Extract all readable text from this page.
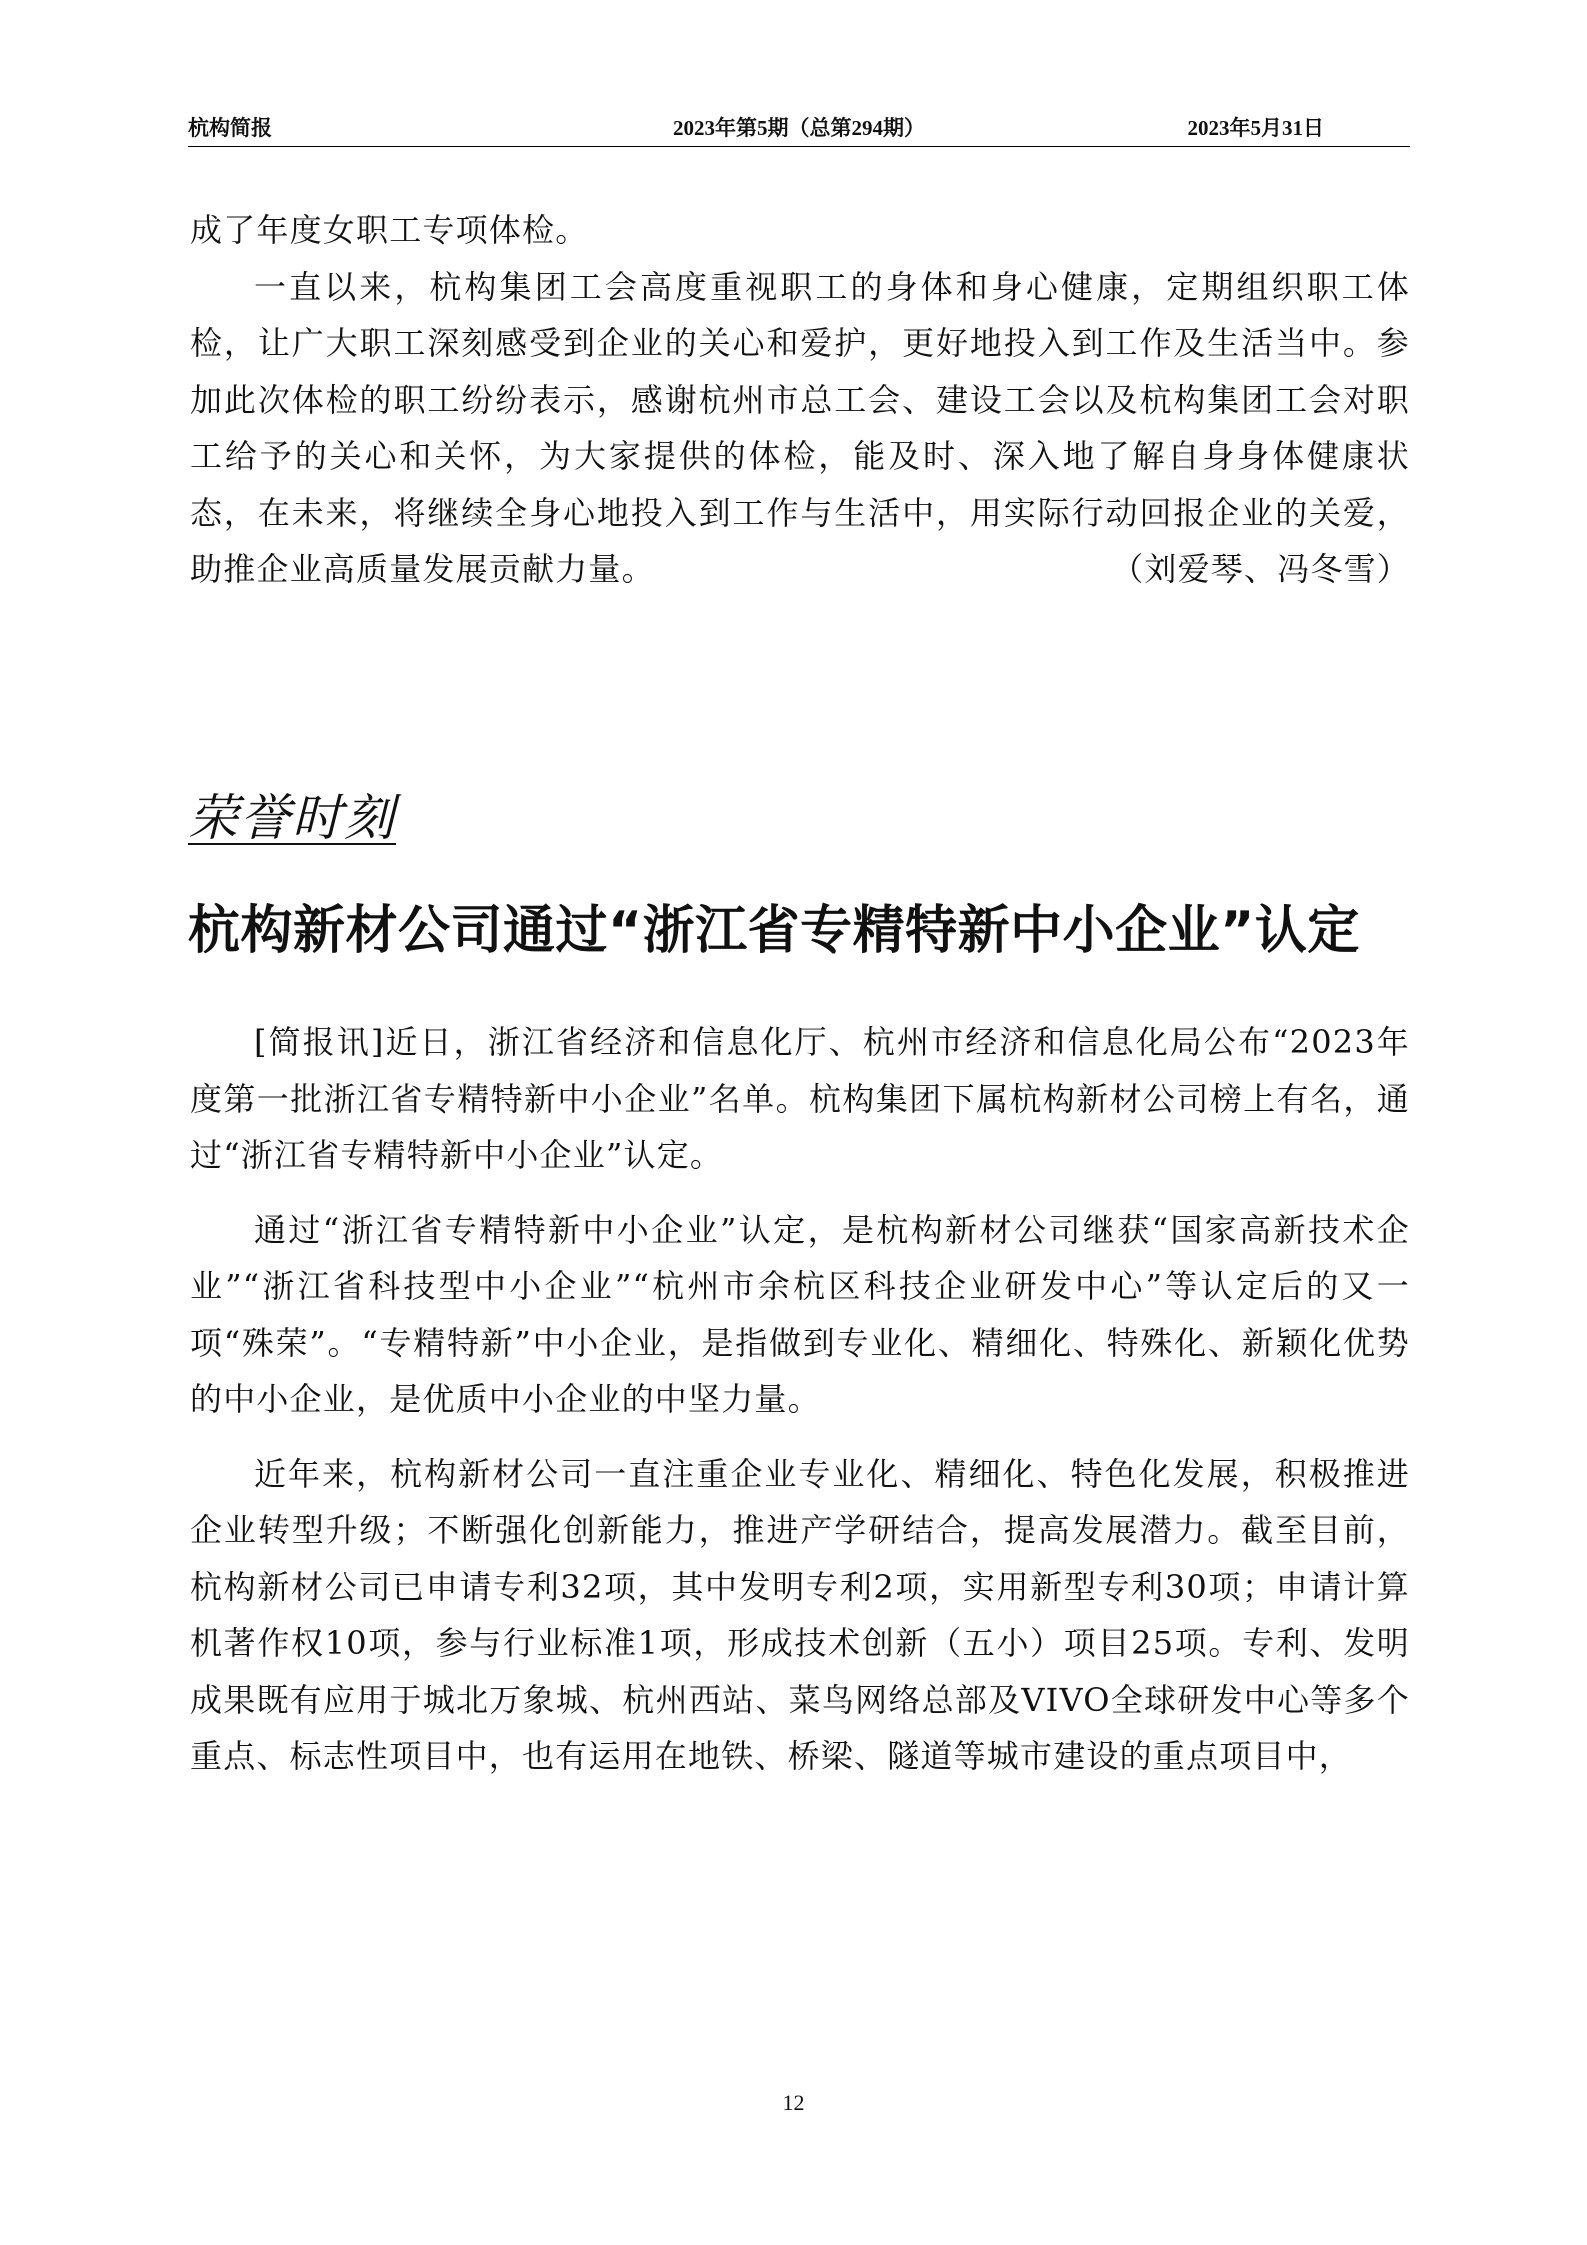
杭构简报	2023年第5期（总第294期）	2023年5月31日

成了年度女职工专项体检。

一直以来，杭构集团工会高度重视职工的身体和身心健康，定期组织职工体检，让广大职工深刻感受到企业的关心和爱护，更好地投入到工作及生活当中。参加此次体检的职工纷纷表示，感谢杭州市总工会、建设工会以及杭构集团工会对职工给予的关心和关怀，为大家提供的体检，能及时、深入地了解自身身体健康状态，在未来，将继续全身心地投入到工作与生活中，用实际行动回报企业的关爱，助推企业高质量发展贡献力量。	（刘爱琴、冯冬雪）

荣誉时刻
杭构新材公司通过“浙江省专精特新中小企业”认定

[简报讯]近日，浙江省经济和信息化厅、杭州市经济和信息化局公布“2023年度第一批浙江省专精特新中小企业”名单。杭构集团下属杭构新材公司榜上有名，通过“浙江省专精特新中小企业”认定。

通过“浙江省专精特新中小企业”认定，是杭构新材公司继获“国家高新技术企业”“浙江省科技型中小企业”“杭州市余杭区科技企业研发中心”等认定后的又一项“殊荣”。“专精特新”中小企业，是指做到专业化、精细化、特殊化、新颖化优势的中小企业，是优质中小企业的中坚力量。

近年来，杭构新材公司一直注重企业专业化、精细化、特色化发展，积极推进企业转型升级；不断强化创新能力，推进产学研结合，提高发展潜力。截至目前，杭构新材公司已申请专利32项，其中发明专利2项，实用新型专利30项；申请计算机著作权10项，参与行业标准1项，形成技术创新（五小）项目25项。专利、发明成果既有应用于城北万象城、杭州西站、菜鸟网络总部及VIVO全球研发中心等多个重点、标志性项目中，也有运用在地铁、桥梁、隧道等城市建设的重点项目中，

12
